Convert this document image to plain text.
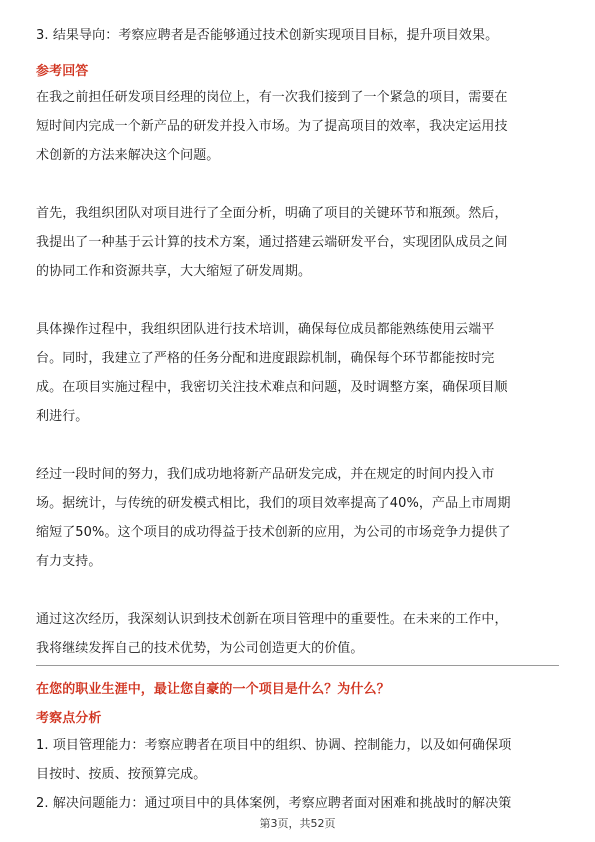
3. 结果导向：考察应聘者是否能够通过技术创新实现项目目标，提升项目效果。
参考回答
在我之前担任研发项目经理的岗位上，有一次我们接到了一个紧急的项目，需要在
短时间内完成一个新产品的研发并投入市场。为了提高项目的效率，我决定运用技
术创新的方法来解决这个问题。
首先，我组织团队对项目进行了全面分析，明确了项目的关键环节和瓶颈。然后，
我提出了一种基于云计算的技术方案，通过搭建云端研发平台，实现团队成员之间
的协同工作和资源共享，大大缩短了研发周期。
具体操作过程中，我组织团队进行技术培训，确保每位成员都能熟练使用云端平
台。同时，我建立了严格的任务分配和进度跟踪机制，确保每个环节都能按时完
成。在项目实施过程中，我密切关注技术难点和问题，及时调整方案，确保项目顺
利进行。
经过一段时间的努力，我们成功地将新产品研发完成，并在规定的时间内投入市
场。据统计，与传统的研发模式相比，我们的项目效率提高了40%，产品上市周期
缩短了50%。这个项目的成功得益于技术创新的应用，为公司的市场竞争力提供了
有力支持。
通过这次经历，我深刻认识到技术创新在项目管理中的重要性。在未来的工作中，
我将继续发挥自己的技术优势，为公司创造更大的价值。
在您的职业生涯中，最让您自豪的一个项目是什么？为什么？
考察点分析
1. 项目管理能力：考察应聘者在项目中的组织、协调、控制能力，以及如何确保项
目按时、按质、按预算完成。
2. 解决问题能力：通过项目中的具体案例，考察应聘者面对困难和挑战时的解决策
第3页，共52页
